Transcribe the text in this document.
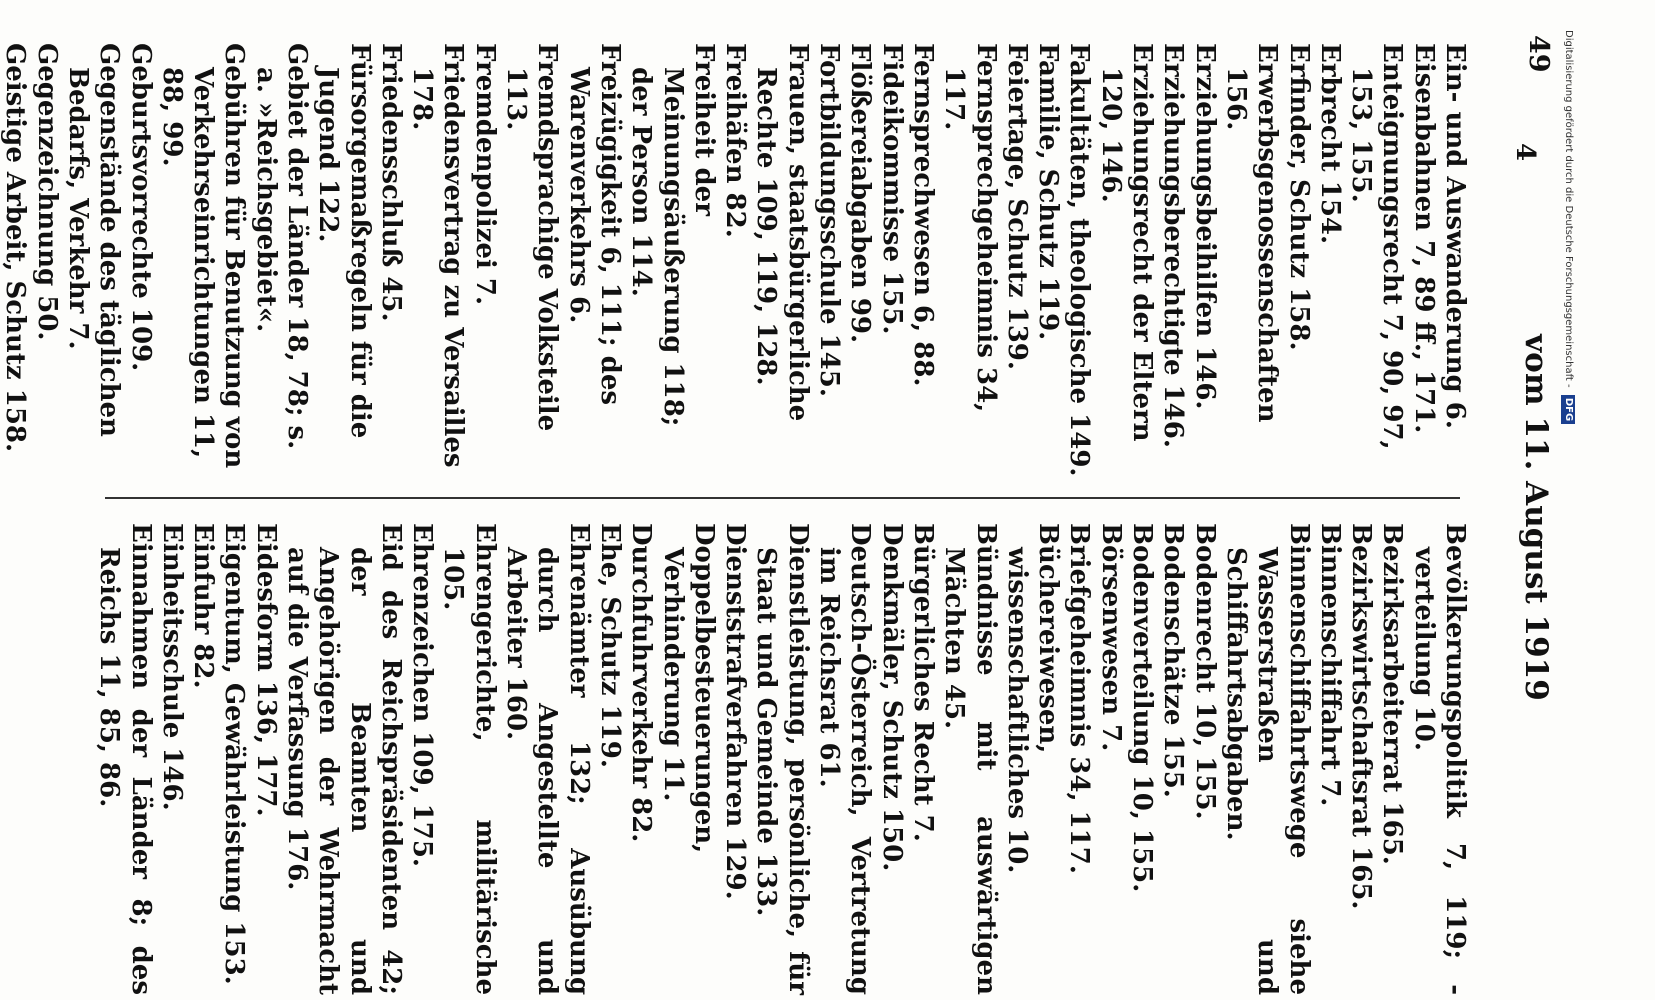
49
vom 11. August 1919
Bevölkerungspolitik 7, 119; -verteilung 10.
Bezirksarbeiterrat 165.
Bezirkswirtschaftsrat 165.
Binnenschiffahrt 7.
Binnenschiffahrtswege siehe Wasserstraßen und Schiffahrtsabgaben.
Bodenrecht 10, 155.
Bodenschätze 155.
Bodenverteilung 10, 155.
Börsenwesen 7.
Briefgeheimnis 34, 117.
Büchereiwesen, wissenschaftliches 10.
Bündnisse mit auswärtigen Mächten 45.
Bürgerliches Recht 7.
Denkmäler, Schutz 150.
Deutsch-Österreich, Vertretung im Reichsrat 61.
Dienstleistung, persönliche, für Staat und Gemeinde 133.
Dienststrafverfahren 129.
Doppelbesteuerungen, Verhinderung 11.
Durchfuhrverkehr 82.
Ehe, Schutz 119.
Ehrenämter 132; Ausübung durch Angestellte und Arbeiter 160.
Ehrengerichte, militärische 105.
Ehrenzeichen 109, 175.
Eid des Reichspräsidenten 42; der Beamten und Angehörigen der Wehrmacht auf die Verfassung 176.
Eidesform 136, 177.
Eigentum, Gewährleistung 153.
Einfuhr 82.
Einheitsschule 146.
Einnahmen der Länder 8; des Reichs 11, 85, 86.
Ein- und Auswanderung 6.
Eisenbahnen 7, 89 ff., 171.
Enteignungsrecht 7, 90, 97, 153, 155.
Erbrecht 154.
Erfinder, Schutz 158.
Erwerbsgenossenschaften 156.
Erziehungsbeihilfen 146.
Erziehungsberechtigte 146.
Erziehungsrecht der Eltern 120, 146.
Fakultäten, theologische 149.
Familie, Schutz 119.
Feiertage, Schutz 139.
Fernsprechgeheimnis 34, 117.
Fernsprechwesen 6, 88.
Fideikommisse 155.
Flößereiabgaben 99.
Fortbildungsschule 145.
Frauen, staatsbürgerliche Rechte 109, 119, 128.
Freihäfen 82.
Freiheit der Meinungsäußerung 118; der Person 114.
Freizügigkeit 6, 111; des Warenverkehrs 6.
Fremdsprachige Volksteile 113.
Fremdenpolizei 7.
Friedensvertrag zu Versailles 178.
Friedensschluß 45.
Fürsorgemaßregeln für die Jugend 122.
Gebiet der Länder 18, 78; s. a. »Reichsgebiet«.
Gebühren für Benutzung von Verkehrseinrichtungen 11, 88, 99.
Geburtsvorrechte 109.
Gegenstände des täglichen Bedarfs, Verkehr 7.
Gegenzeichnung 50.
Geistige Arbeit, Schutz 158.	4	Digitalisierung gefördert durch die Deutsche Forschungsgemeinschaft - DFG
